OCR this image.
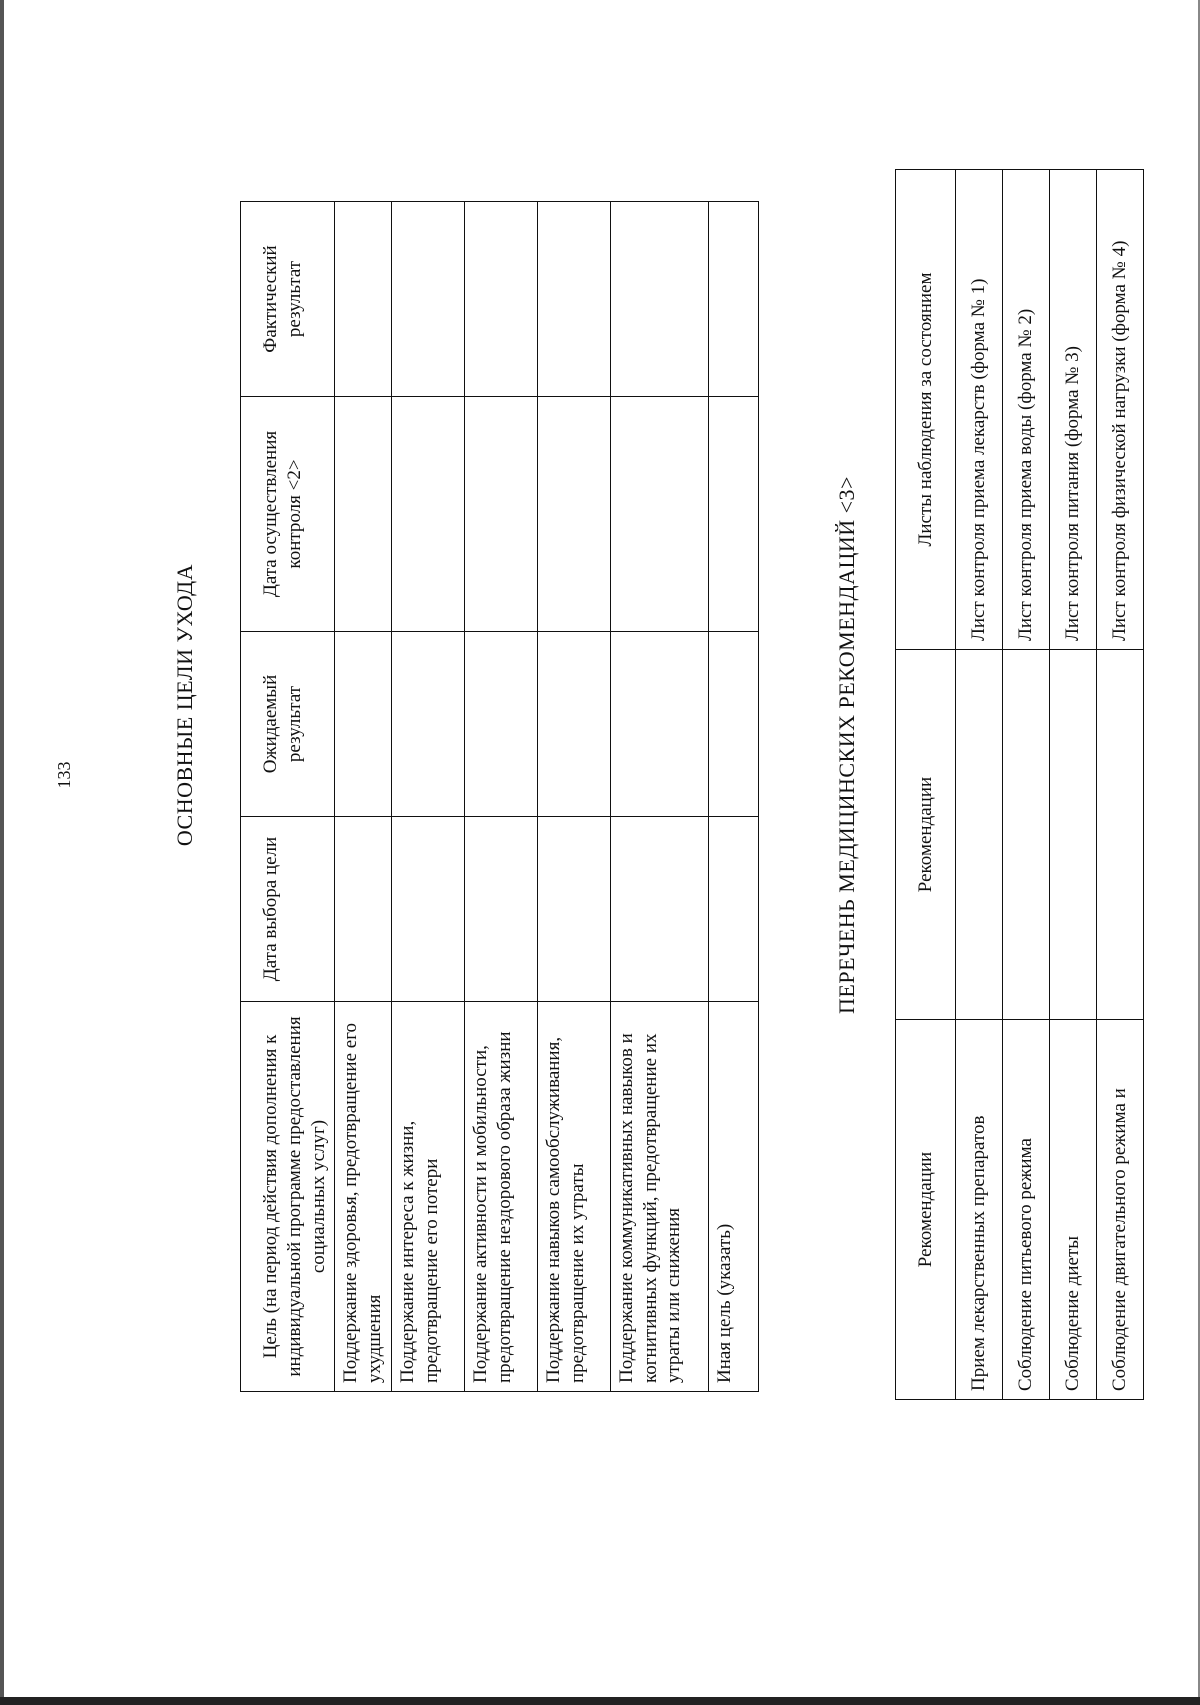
133	ОСНОВНЫЕ ЦЕЛИ УХОДА
Цель (на период действия дополнения к индивидуальной программе предоставления социальных услуг)	Дата выбора цели	Ожидаемый результат	Дата осуществления контроля <2>	Фактический результат
Поддержание здоровья, предотвращение его ухудшения				
Поддержание интереса к жизни, предотвращение его потери				
Поддержание активности и мобильности, предотвращение нездорового образа жизни				
Поддержание навыков самообслуживания, предотвращение их утраты				
Поддержание коммуникативных навыков и когнитивных функций, предотвращение их утраты или снижения				
Иная цель (указать)				
ПЕРЕЧЕНЬ МЕДИЦИНСКИХ РЕКОМЕНДАЦИЙ <3>
Рекомендации	Рекомендации	Листы наблюдения за состоянием
Прием лекарственных препаратов		Лист контроля приема лекарств (форма № 1)
Соблюдение питьевого режима		Лист контроля приема воды (форма № 2)
Соблюдение диеты		Лист контроля питания (форма № 3)
Соблюдение двигательного режима и		Лист контроля физической нагрузки (форма № 4)
